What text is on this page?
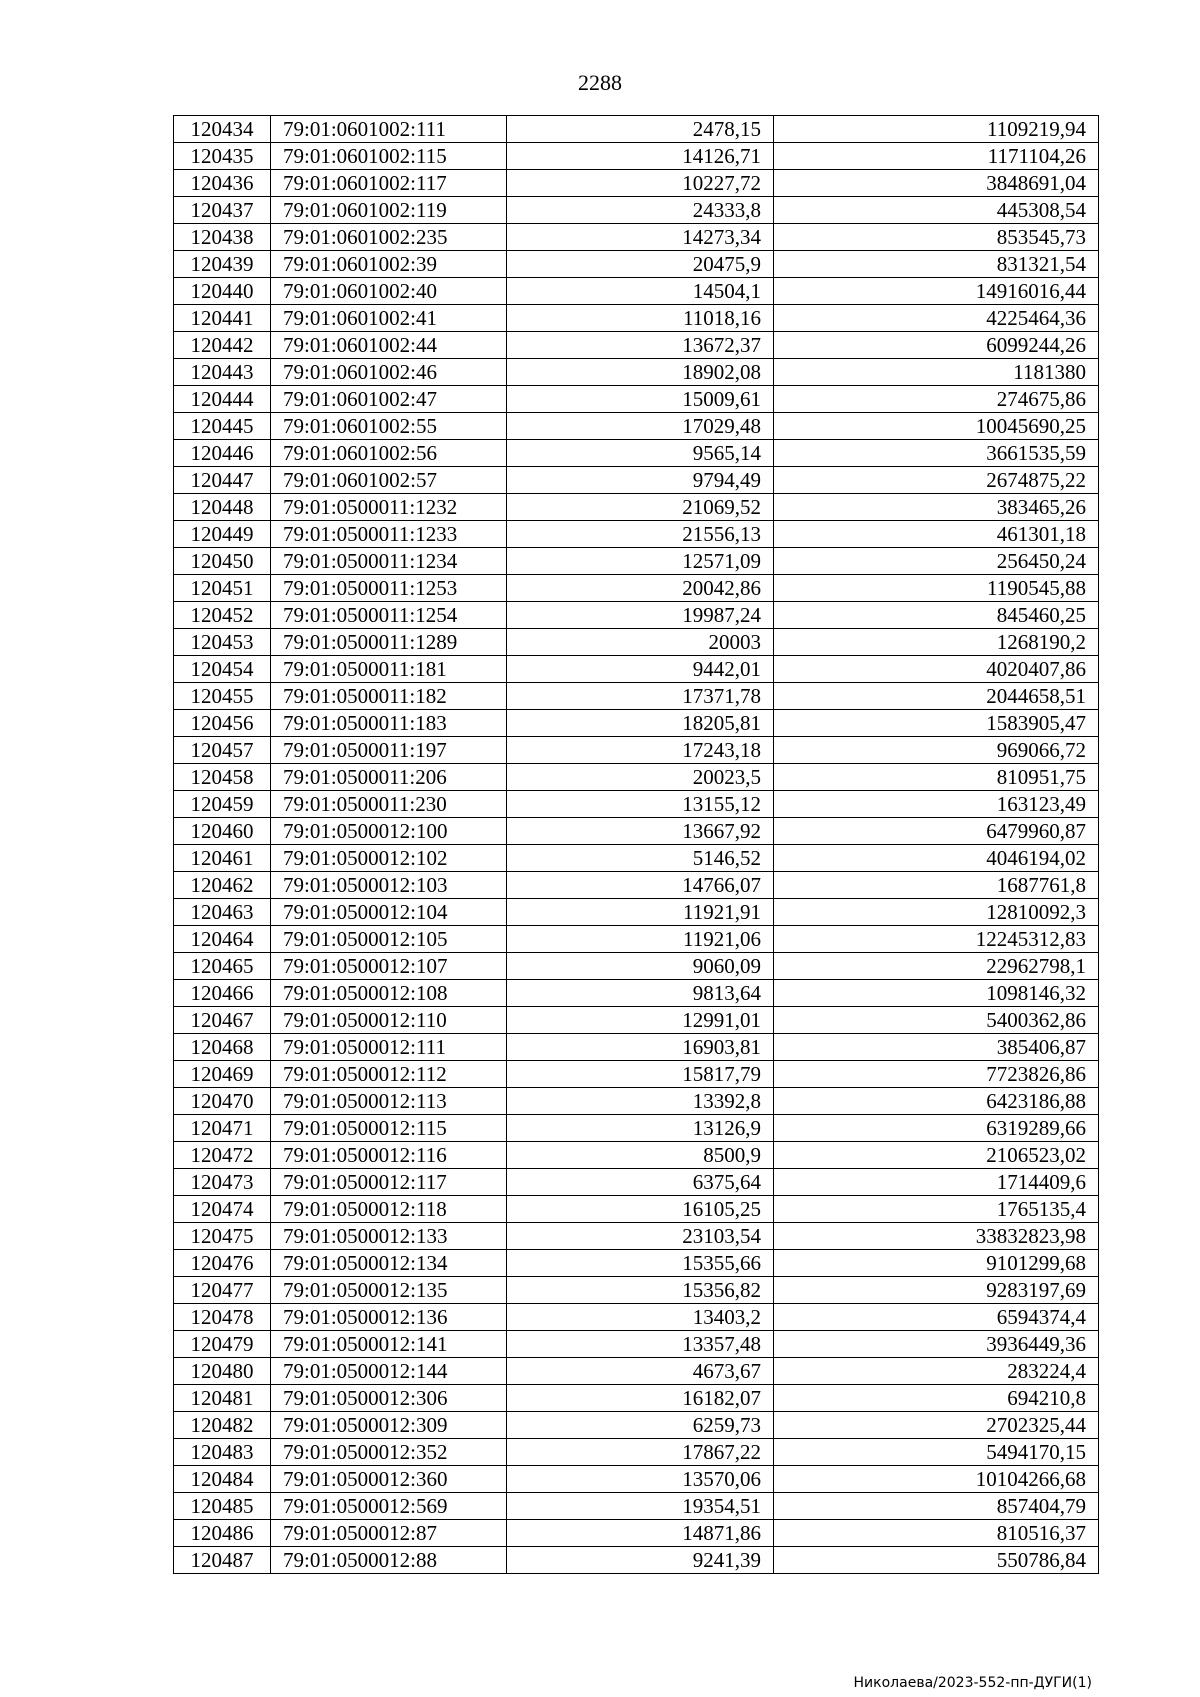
2288
120434	79:01:0601002:111	2478,15	1109219,94
120435	79:01:0601002:115	14126,71	1171104,26
120436	79:01:0601002:117	10227,72	3848691,04
120437	79:01:0601002:119	24333,8	445308,54
120438	79:01:0601002:235	14273,34	853545,73
120439	79:01:0601002:39	20475,9	831321,54
120440	79:01:0601002:40	14504,1	14916016,44
120441	79:01:0601002:41	11018,16	4225464,36
120442	79:01:0601002:44	13672,37	6099244,26
120443	79:01:0601002:46	18902,08	1181380
120444	79:01:0601002:47	15009,61	274675,86
120445	79:01:0601002:55	17029,48	10045690,25
120446	79:01:0601002:56	9565,14	3661535,59
120447	79:01:0601002:57	9794,49	2674875,22
120448	79:01:0500011:1232	21069,52	383465,26
120449	79:01:0500011:1233	21556,13	461301,18
120450	79:01:0500011:1234	12571,09	256450,24
120451	79:01:0500011:1253	20042,86	1190545,88
120452	79:01:0500011:1254	19987,24	845460,25
120453	79:01:0500011:1289	20003	1268190,2
120454	79:01:0500011:181	9442,01	4020407,86
120455	79:01:0500011:182	17371,78	2044658,51
120456	79:01:0500011:183	18205,81	1583905,47
120457	79:01:0500011:197	17243,18	969066,72
120458	79:01:0500011:206	20023,5	810951,75
120459	79:01:0500011:230	13155,12	163123,49
120460	79:01:0500012:100	13667,92	6479960,87
120461	79:01:0500012:102	5146,52	4046194,02
120462	79:01:0500012:103	14766,07	1687761,8
120463	79:01:0500012:104	11921,91	12810092,3
120464	79:01:0500012:105	11921,06	12245312,83
120465	79:01:0500012:107	9060,09	22962798,1
120466	79:01:0500012:108	9813,64	1098146,32
120467	79:01:0500012:110	12991,01	5400362,86
120468	79:01:0500012:111	16903,81	385406,87
120469	79:01:0500012:112	15817,79	7723826,86
120470	79:01:0500012:113	13392,8	6423186,88
120471	79:01:0500012:115	13126,9	6319289,66
120472	79:01:0500012:116	8500,9	2106523,02
120473	79:01:0500012:117	6375,64	1714409,6
120474	79:01:0500012:118	16105,25	1765135,4
120475	79:01:0500012:133	23103,54	33832823,98
120476	79:01:0500012:134	15355,66	9101299,68
120477	79:01:0500012:135	15356,82	9283197,69
120478	79:01:0500012:136	13403,2	6594374,4
120479	79:01:0500012:141	13357,48	3936449,36
120480	79:01:0500012:144	4673,67	283224,4
120481	79:01:0500012:306	16182,07	694210,8
120482	79:01:0500012:309	6259,73	2702325,44
120483	79:01:0500012:352	17867,22	5494170,15
120484	79:01:0500012:360	13570,06	10104266,68
120485	79:01:0500012:569	19354,51	857404,79
120486	79:01:0500012:87	14871,86	810516,37
120487	79:01:0500012:88	9241,39	550786,84
Николаева/2023-552-пп-ДУГИ(1)
